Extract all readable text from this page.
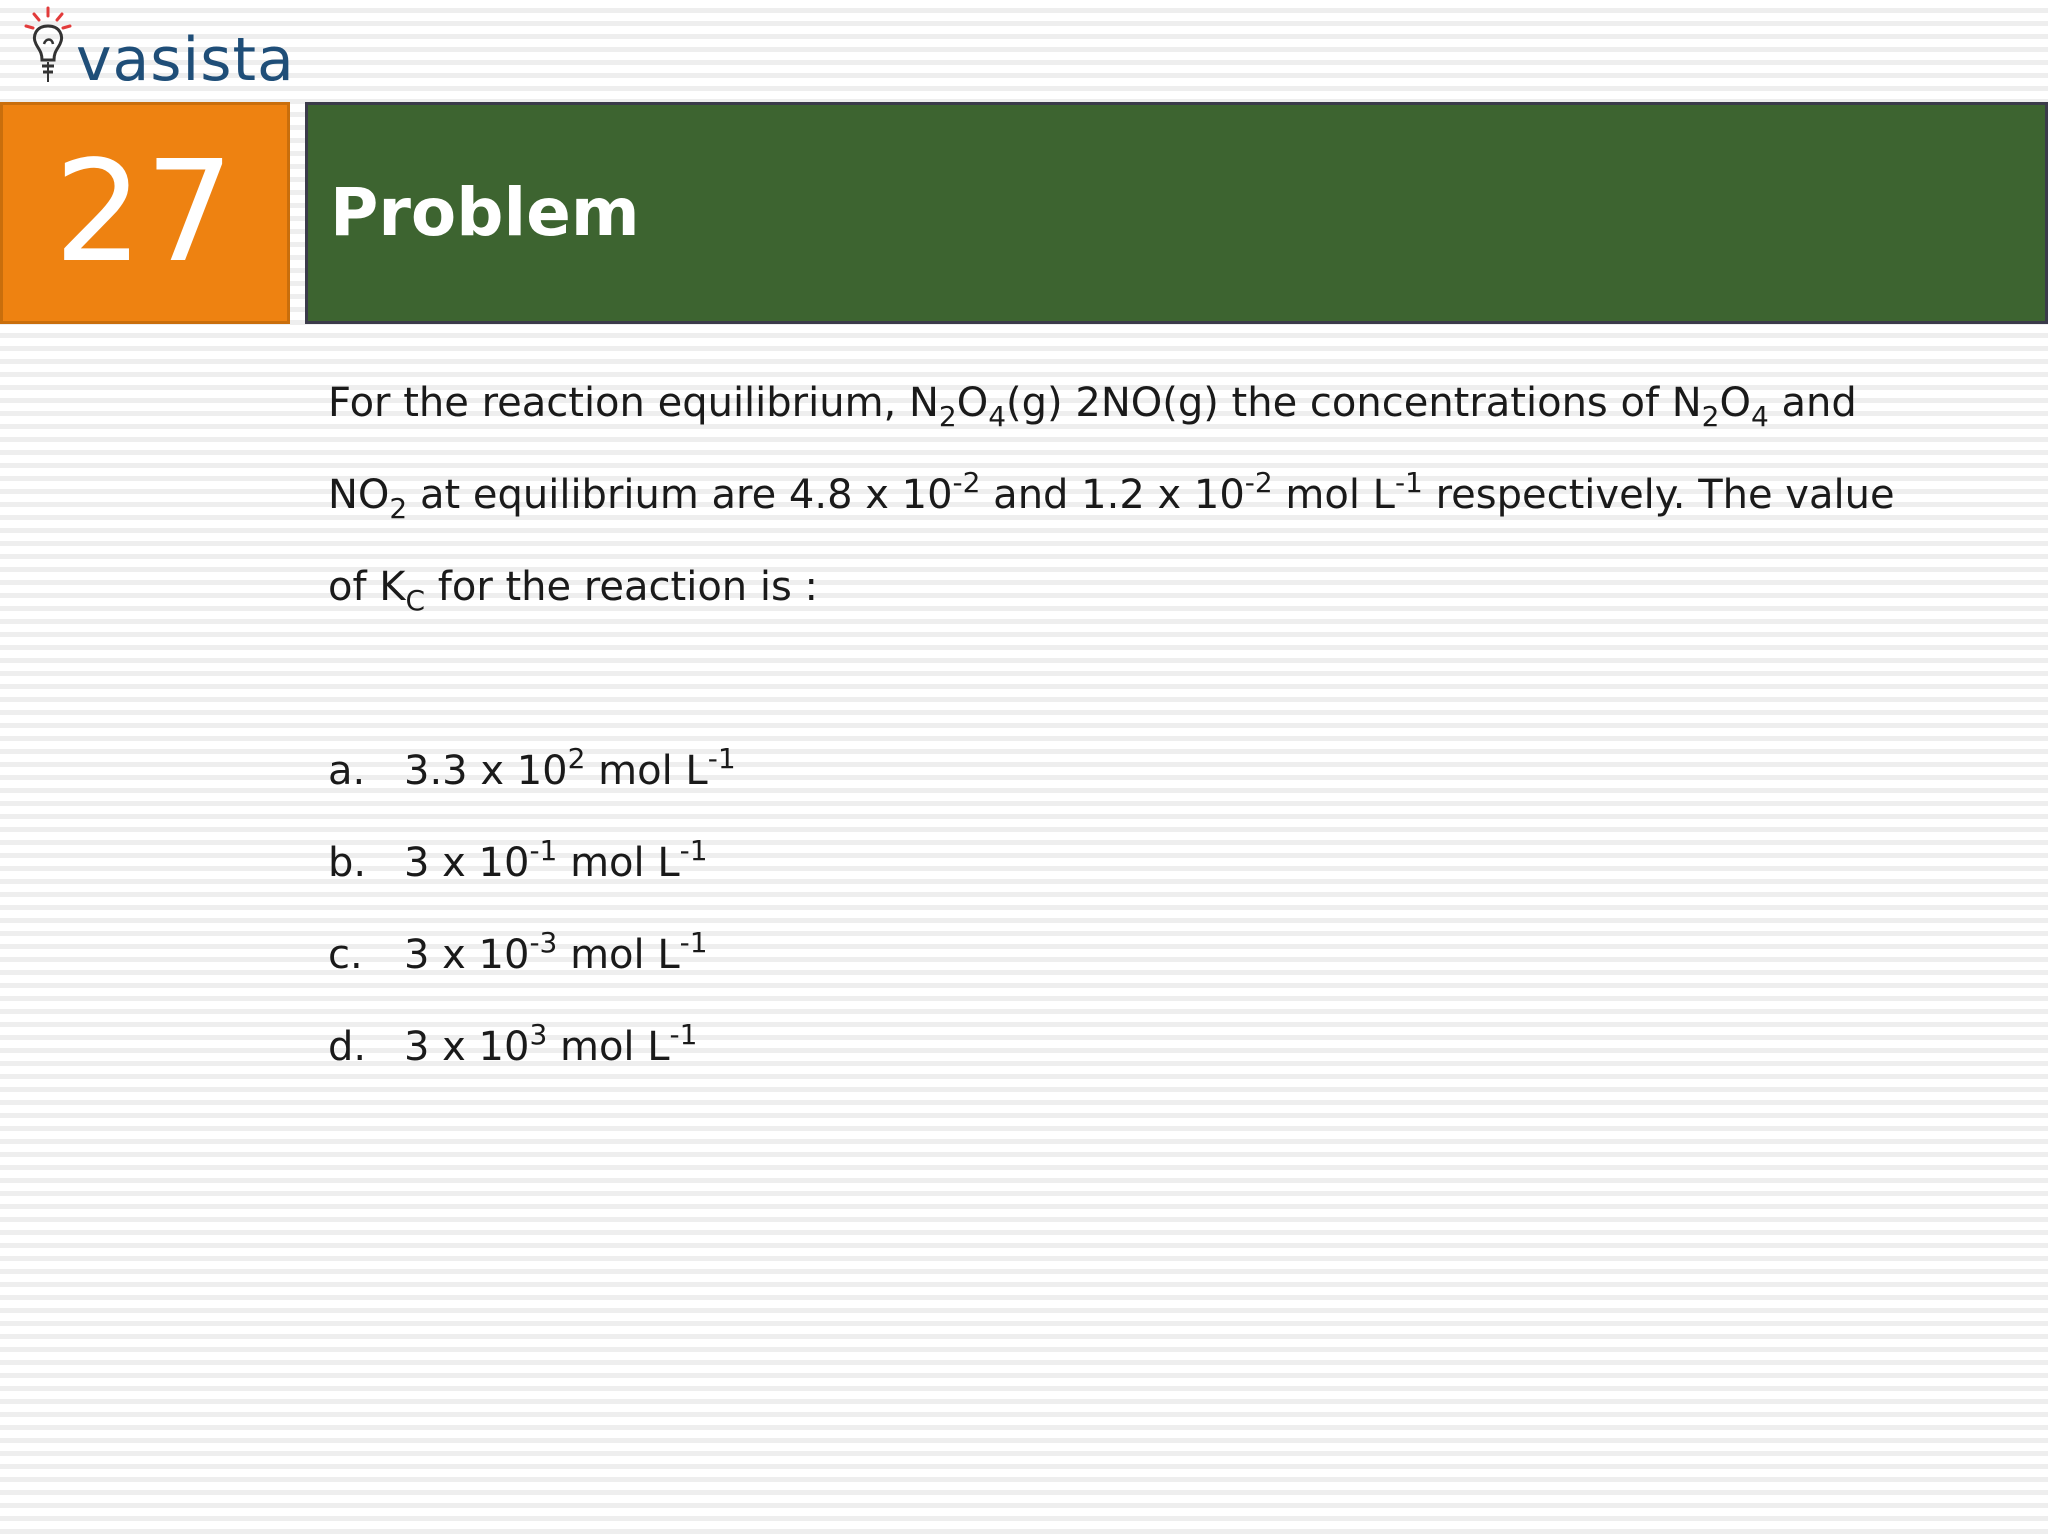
vasista
27 Problem
For the reaction equilibrium, $N_2O_4(g)$ 2NO(g) the concentrations of $N_2O_4$ and
$NO_2$ at equilibrium are 4.8 x $10^{-2}$ and 1.2 x $10^{-2}$ mol $L^{-1}$ respectively. The value
of $K_C$ for the reaction is :
a. 3.3 x $10^2$ mol $L^{-1}$
b. 3 x $10^{-1}$ mol $L^{-1}$
c. 3 x $10^{-3}$ mol $L^{-1}$
d. 3 x $10^3$ mol $L^{-1}$
